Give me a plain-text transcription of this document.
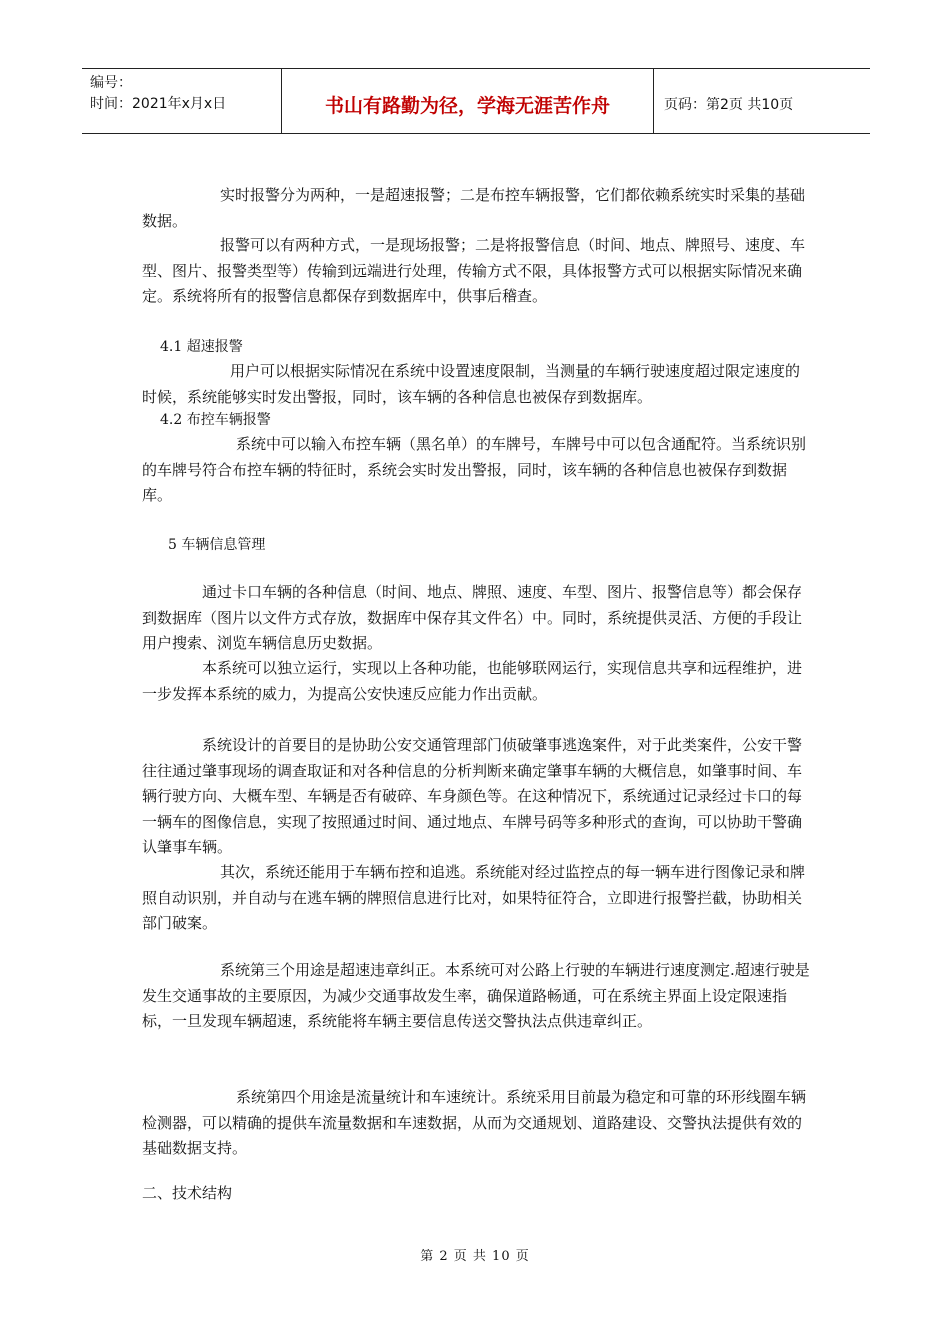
编号：
时间：2021年x月x日	书山有路勤为径，学海无涯苦作舟	页码：第2页 共10页

实时报警分为两种，一是超速报警；二是布控车辆报警，它们都依赖系统实时采集的基础数据。

报警可以有两种方式，一是现场报警；二是将报警信息（时间、地点、牌照号、速度、车型、图片、报警类型等）传输到远端进行处理，传输方式不限，具体报警方式可以根据实际情况来确定。系统将所有的报警信息都保存到数据库中，供事后稽查。

4.1 超速报警

用户可以根据实际情况在系统中设置速度限制，当测量的车辆行驶速度超过限定速度的时候，系统能够实时发出警报，同时，该车辆的各种信息也被保存到数据库。

4.2 布控车辆报警

系统中可以输入布控车辆（黑名单）的车牌号，车牌号中可以包含通配符。当系统识别的车牌号符合布控车辆的特征时，系统会实时发出警报，同时，该车辆的各种信息也被保存到数据库。

5 车辆信息管理

通过卡口车辆的各种信息（时间、地点、牌照、速度、车型、图片、报警信息等）都会保存到数据库（图片以文件方式存放，数据库中保存其文件名）中。同时，系统提供灵活、方便的手段让用户搜索、浏览车辆信息历史数据。

本系统可以独立运行，实现以上各种功能，也能够联网运行，实现信息共享和远程维护，进一步发挥本系统的威力，为提高公安快速反应能力作出贡献。

系统设计的首要目的是协助公安交通管理部门侦破肇事逃逸案件，对于此类案件，公安干警往往通过肇事现场的调查取证和对各种信息的分析判断来确定肇事车辆的大概信息，如肇事时间、车辆行驶方向、大概车型、车辆是否有破碎、车身颜色等。在这种情况下，系统通过记录经过卡口的每一辆车的图像信息，实现了按照通过时间、通过地点、车牌号码等多种形式的查询，可以协助干警确认肇事车辆。

其次，系统还能用于车辆布控和追逃。系统能对经过监控点的每一辆车进行图像记录和牌照自动识别，并自动与在逃车辆的牌照信息进行比对，如果特征符合，立即进行报警拦截，协助相关部门破案。

系统第三个用途是超速违章纠正。本系统可对公路上行驶的车辆进行速度测定.超速行驶是发生交通事故的主要原因，为减少交通事故发生率，确保道路畅通，可在系统主界面上设定限速指标，一旦发现车辆超速，系统能将车辆主要信息传送交警执法点供违章纠正。

系统第四个用途是流量统计和车速统计。系统采用目前最为稳定和可靠的环形线圈车辆检测器，可以精确的提供车流量数据和车速数据，从而为交通规划、道路建设、交警执法提供有效的基础数据支持。

二、技术结构

第 2 页 共 10 页
